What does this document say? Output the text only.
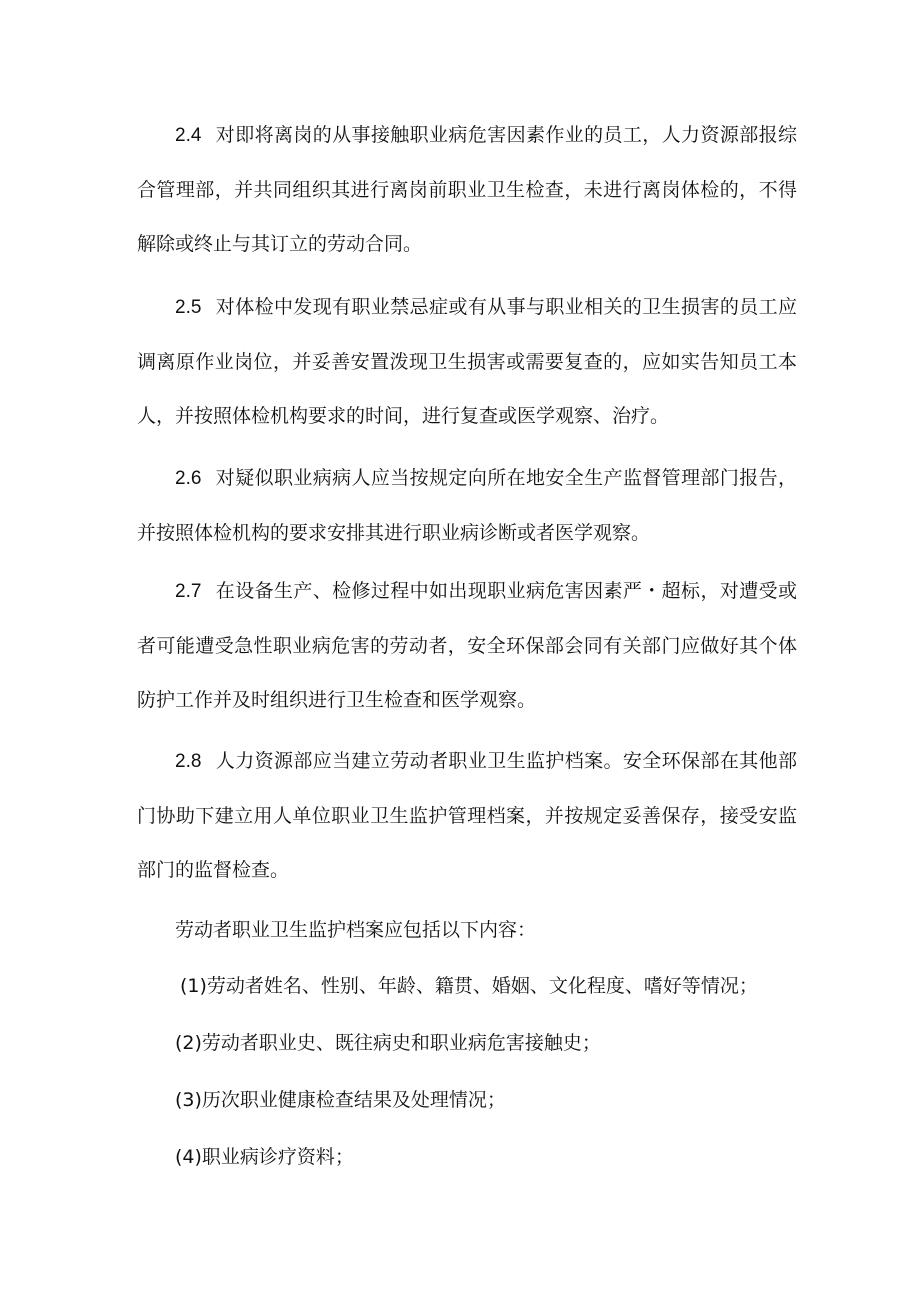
2.4 对即将离岗的从事接触职业病危害因素作业的员工，人力资源部报综合管理部，并共同组织其进行离岗前职业卫生检查，未进行离岗体检的，不得解除或终止与其订立的劳动合同。

2.5 对体检中发现有职业禁忌症或有从事与职业相关的卫生损害的员工应调离原作业岗位，并妥善安置泼现卫生损害或需要复查的，应如实告知员工本人，并按照体检机构要求的时间，进行复查或医学观察、治疗。

2.6 对疑似职业病病人应当按规定向所在地安全生产监督管理部门报告，并按照体检机构的要求安排其进行职业病诊断或者医学观察。

2.7 在设备生产、检修过程中如出现职业病危害因素严・超标，对遭受或者可能遭受急性职业病危害的劳动者，安全环保部会同有关部门应做好其个体防护工作并及时组织进行卫生检查和医学观察。

2.8 人力资源部应当建立劳动者职业卫生监护档案。安全环保部在其他部门协助下建立用人单位职业卫生监护管理档案，并按规定妥善保存，接受安监部门的监督检查。

劳动者职业卫生监护档案应包括以下内容：

(1)劳动者姓名、性别、年龄、籍贯、婚姻、文化程度、嗜好等情况；

(2)劳动者职业史、既往病史和职业病危害接触史；

(3)历次职业健康检查结果及处理情况；

(4)职业病诊疗资料；
